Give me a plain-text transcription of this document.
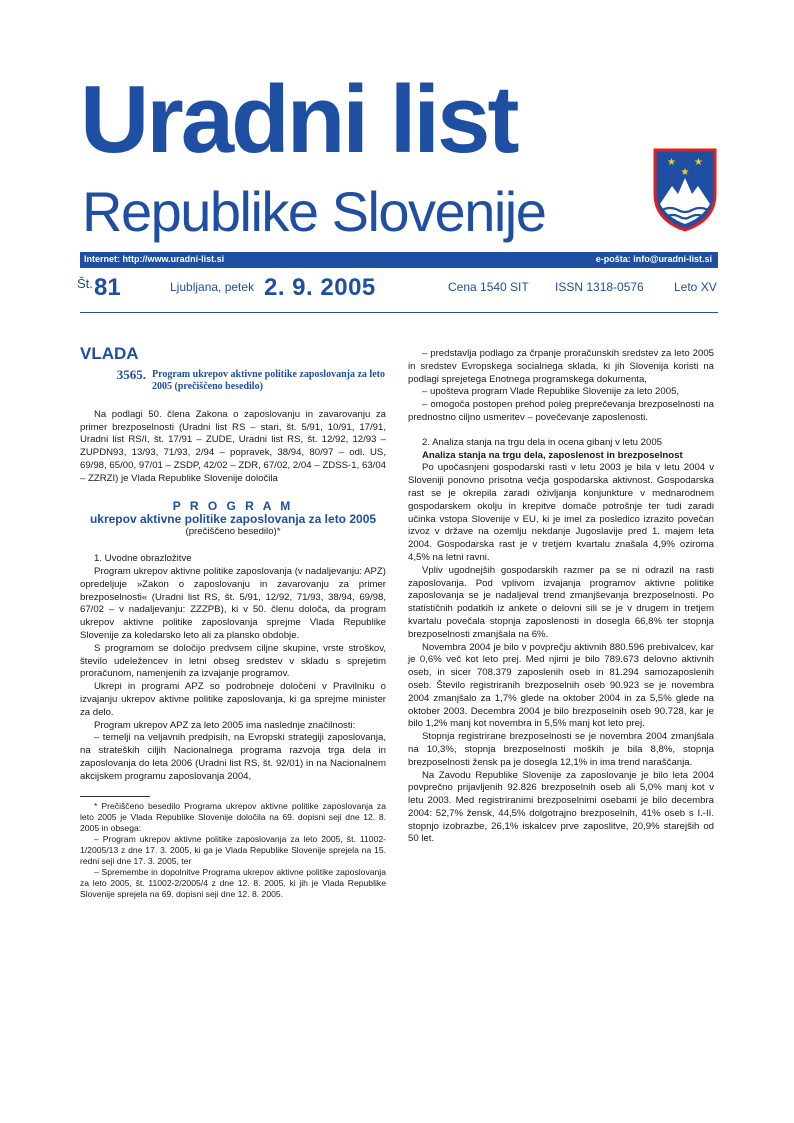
Uradni list
Republike Slovenije
★ ★
★
Internet: http://www.uradni-list.si	e-pošta: info@uradni-list.si
Št. 81	Ljubljana, petek 2. 9. 2005	Cena 1540 SIT ISSN 1318-0576	Leto XV

VLADA

3565. Program ukrepov aktivne politike zaposlovanja za leto 2005 (prečiščeno besedilo)

Na podlagi 50. člena Zakona o zaposlovanju in zavarovanju za primer brezposelnosti (Uradni list RS – stari, št. 5/91, 10/91, 17/91, Uradni list RS/I, št. 17/91 – ZUDE, Uradni list RS, št. 12/92, 12/93 – ZUPDN93, 13/93, 71/93, 2/94 – popravek, 38/94, 80/97 – odl. US, 69/98, 65/00, 97/01 – ZSDP, 42/02 – ZDR, 67/02, 2/04 – ZDSS-1, 63/04 – ZZRZI) je Vlada Republike Slovenije določila

P R O G R A M

ukrepov aktivne politike zaposlovanja za leto 2005

(prečiščeno besedilo)*

1. Uvodne obrazložitve

Program ukrepov aktivne politike zaposlovanja (v nadaljevanju: APZ) opredeljuje »Zakon o zaposlovanju in zavarovanju za primer brezposelnosti« (Uradni list RS, št. 5/91, 12/92, 71/93, 38/94, 69/98, 67/02 – v nadaljevanju: ZZZPB), ki v 50. členu določa, da program ukrepov aktivne politike zaposlovanja sprejme Vlada Republike Slovenije za koledarsko leto ali za plansko obdobje.

S programom se določijo predvsem ciljne skupine, vrste stroškov, število udeležencev in letni obseg sredstev v skladu s sprejetim proračunom, namenjenih za izvajanje programov.

Ukrepi in programi APZ so podrobneje določeni v Pravilniku o izvajanju ukrepov aktivne politike zaposlovanja, ki ga sprejme minister za delo.

Program ukrepov APZ za leto 2005 ima naslednje značilnosti:

– temelji na veljavnih predpisih, na Evropski strategiji zaposlovanja, na strateških ciljih Nacionalnega programa razvoja trga dela in zaposlovanja do leta 2006 (Uradni list RS, št. 92/01) in na Nacionalnem akcijskem programu zaposlovanja 2004,

* Prečiščeno besedilo Programa ukrepov aktivne politike zaposlovanja za leto 2005 je Vlada Republike Slovenije določila na 69. dopisni seji dne 12. 8. 2005 in obsega:

– Program ukrepov aktivne politike zaposlovanja za leto 2005, št. 11002-1/2005/13 z dne 17. 3. 2005, ki ga je Vlada Republike Slovenije sprejela na 15. redni seji dne 17. 3. 2005, ter

– Spremembe in dopolnitve Programa ukrepov aktivne politike zaposlovanja za leto 2005, št. 11002-2/2005/4 z dne 12. 8. 2005, ki jih je Vlada Republike Slovenije sprejela na 69. dopisni seji dne 12. 8. 2005.

– predstavlja podlago za črpanje proračunskih sredstev za leto 2005 in sredstev Evropskega socialnega sklada, ki jih Slovenija koristi na podlagi sprejetega Enotnega programskega dokumenta,

– upošteva program Vlade Republike Slovenije za leto 2005,

– omogoča postopen prehod poleg preprečevanja brezposelnosti na prednostno ciljno usmeritev – povečevanje zaposlenosti.

2. Analiza stanja na trgu dela in ocena gibanj v letu 2005

Analiza stanja na trgu dela, zaposlenost in brezposelnost

Po upočasnjeni gospodarski rasti v letu 2003 je bila v letu 2004 v Sloveniji ponovno prisotna večja gospodarska aktivnost. Gospodarska rast se je okrepila zaradi oživljanja konjunkture v mednarodnem gospodarskem okolju in krepitve domače potrošnje ter tudi zaradi učinka vstopa Slovenije v EU, ki je imel za posledico izrazito povečan izvoz v države na ozemlju nekdanje Jugoslavije pred 1. majem leta 2004. Gospodarska rast je v tretjem kvartalu znašala 4,9% oziroma 4,5% na letni ravni.

Vpliv ugodnejših gospodarskih razmer pa se ni odrazil na rasti zaposlovanja. Pod vplivom izvajanja programov aktivne politike zaposlovanja se je nadaljeval trend zmanjševanja brezposelnosti. Po statističnih podatkih iz ankete o delovni sili se je v drugem in tretjem kvartalu povečala stopnja zaposlenosti in dosegla 66,8% ter stopnja brezposelnosti zmanjšala na 6%.

Novembra 2004 je bilo v povprečju aktivnih 880.596 prebivalcev, kar je 0,6% več kot leto prej. Med njimi je bilo 789.673 delovno aktivnih oseb, in sicer 708.379 zaposlenih oseb in 81.294 samozaposlenih oseb. Število registriranih brezposelnih oseb 90.923 se je novembra 2004 zmanjšalo za 1,7% glede na oktober 2004 in za 5,5% glede na oktober 2003. Decembra 2004 je bilo brezposelnih oseb 90.728, kar je bilo 1,2% manj kot novembra in 5,5% manj kot leto prej.

Stopnja registrirane brezposelnosti se je novembra 2004 zmanjšala na 10,3%, stopnja brezposelnosti moških je bila 8,8%, stopnja brezposelnosti žensk pa je dosegla 12,1% in ima trend naraščanja.

Na Zavodu Republike Slovenije za zaposlovanje je bilo leta 2004 povprečno prijavljenih 92.826 brezposelnih oseb ali 5,0% manj kot v letu 2003. Med registriranimi brezposelnimi osebami je bilo decembra 2004: 52,7% žensk, 44,5% dolgotrajno brezposelnih, 41% oseb s I.-II. stopnjo izobrazbe, 26,1% iskalcev prve zaposlitve, 20,9% starejših od 50 let.
